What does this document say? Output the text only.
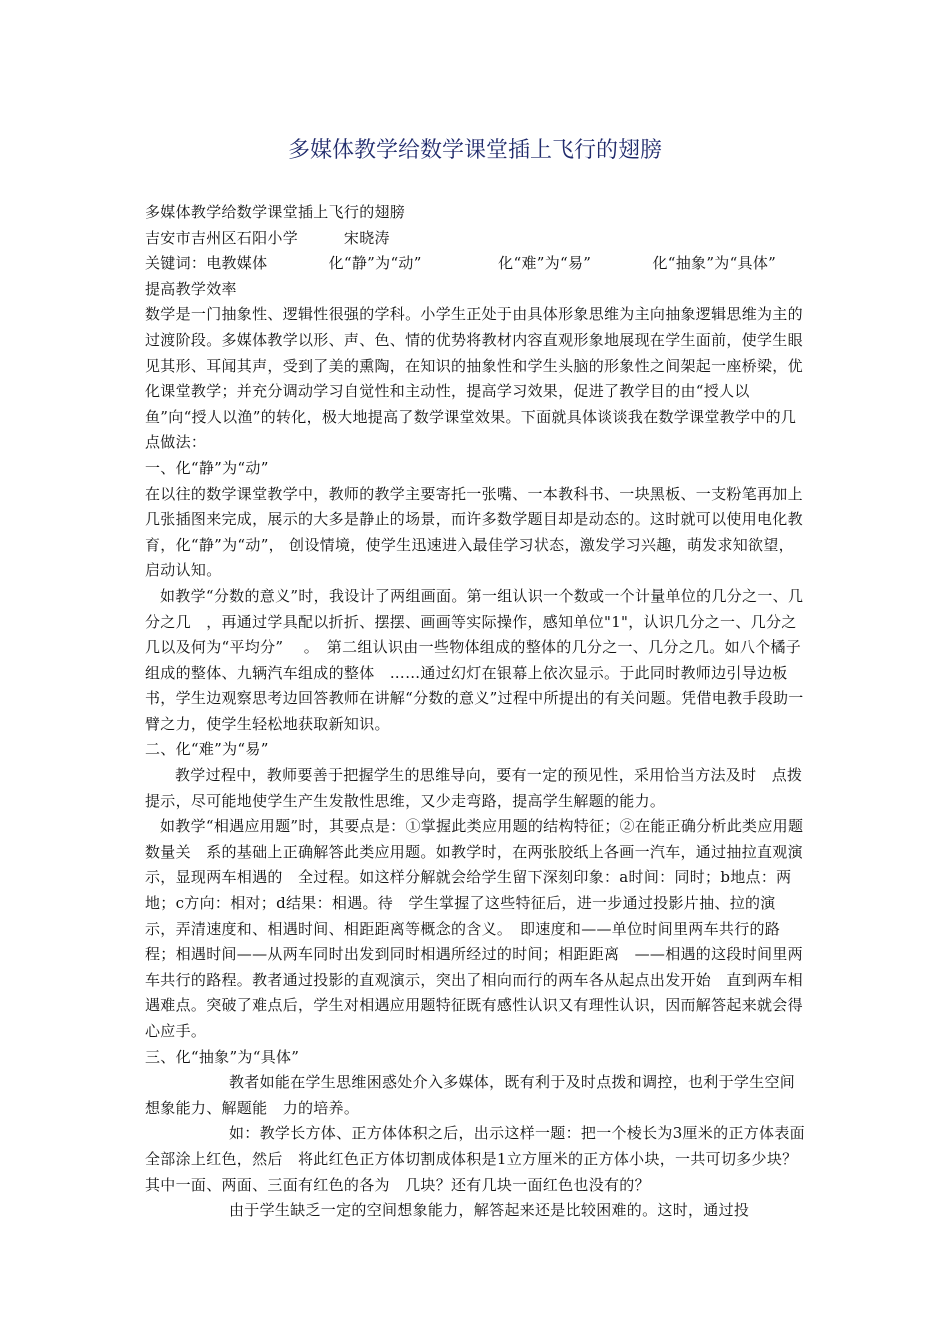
多媒体教学给数学课堂插上飞行的翅膀
多媒体教学给数学课堂插上飞行的翅膀
吉安市吉州区石阳小学　　　宋晓涛
关键词：电教媒体　　　　化“静”为“动”　　　　　化“难”为“易”　　　　化“抽象”为“具体”　　　提高教学效率

数学是一门抽象性、逻辑性很强的学科。小学生正处于由具体形象思维为主向抽象逻辑思维为主的过渡阶段。多媒体教学以形、声、色、情的优势将教材内容直观形象地展现在学生面前，使学生眼见其形、耳闻其声，受到了美的熏陶，在知识的抽象性和学生头脑的形象性之间架起一座桥梁，优化课堂教学；并充分调动学习自觉性和主动性，提高学习效果，促进了教学目的由“授人以鱼”向“授人以渔”的转化，极大地提高了数学课堂效果。下面就具体谈谈我在数学课堂教学中的几点做法：

一、化“静”为“动”

在以往的数学课堂教学中，教师的教学主要寄托一张嘴、一本教科书、一块黑板、一支粉笔再加上几张插图来完成，展示的大多是静止的场景，而许多数学题目却是动态的。这时就可以使用电化教育，化“静”为“动”， 创设情境，使学生迅速进入最佳学习状态，激发学习兴趣，萌发求知欲望，启动认知。

如教学“分数的意义”时，我设计了两组画面。第一组认识一个数或一个计量单位的几分之一、几分之几　，再通过学具配以折折、摆摆、画画等实际操作，感知单位"1"，认识几分之一、几分之几以及何为“平均分”　 。　第二组认识由一些物体组成的整体的几分之一、几分之几。如八个橘子组成的整体、九辆汽车组成的整体　……通过幻灯在银幕上依次显示。于此同时教师边引导边板书，学生边观察思考边回答教师在讲解“分数的意义”过程中所提出的有关问题。凭借电教手段助一臂之力，使学生轻松地获取新知识。

二、化“难”为“易”

教学过程中，教师要善于把握学生的思维导向，要有一定的预见性，采用恰当方法及时　点拨提示，尽可能地使学生产生发散性思维，又少走弯路，提高学生解题的能力。

如教学“相遇应用题”时，其要点是：①掌握此类应用题的结构特征；②在能正确分析此类应用题数量关　系的基础上正确解答此类应用题。如教学时，在两张胶纸上各画一汽车，通过抽拉直观演示，显现两车相遇的　全过程。如这样分解就会给学生留下深刻印象：a时间：同时；b地点：两地；c方向：相对；d结果：相遇。待　学生掌握了这些特征后，进一步通过投影片抽、拉的演示，弄清速度和、相遇时间、相距距离等概念的含义。　即速度和——单位时间里两车共行的路程；相遇时间——从两车同时出发到同时相遇所经过的时间；相距距离　——相遇的这段时间里两车共行的路程。教者通过投影的直观演示，突出了相向而行的两车各从起点出发开始　直到两车相遇难点。突破了难点后，学生对相遇应用题特征既有感性认识又有理性认识，因而解答起来就会得　心应手。

三、化“抽象”为“具体”

教者如能在学生思维困惑处介入多媒体，既有利于及时点拨和调控，也利于学生空间想象能力、解题能　力的培养。

如：教学长方体、正方体体积之后，出示这样一题：把一个棱长为3厘米的正方体表面全部涂上红色，然后　将此红色正方体切割成体积是1立方厘米的正方体小块，一共可切多少块？其中一面、两面、三面有红色的各为　几块？还有几块一面红色也没有的？

由于学生缺乏一定的空间想象能力，解答起来还是比较困难的。这时，通过投
